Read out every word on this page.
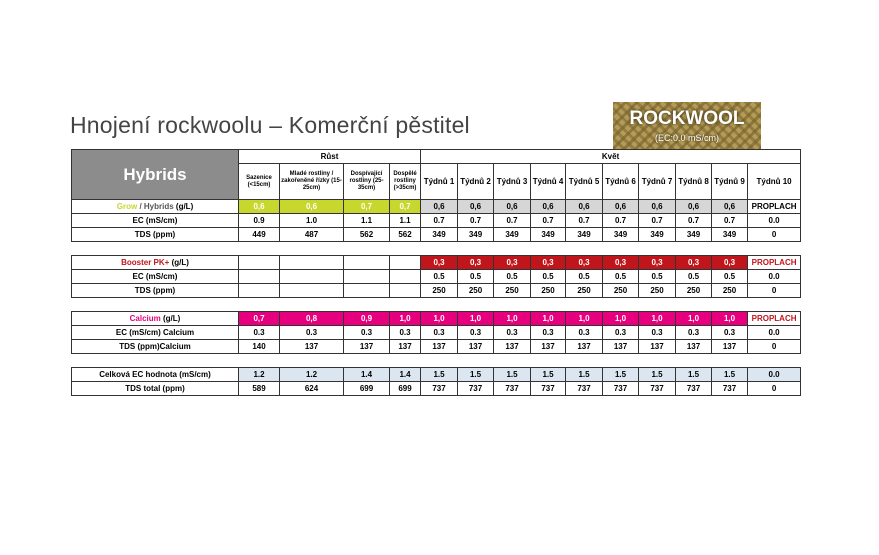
Hnojení rockwoolu – Komerční pěstitel	ROCKWOOL
(EC:0.0 mS/cm)
Hybrids	Růst				Květ									
	Sazenice (<15cm)	Mladé rostliny / zakořeněné řízky (15-25cm)	Dospívající rostliny (25-35cm)	Dospělé rostliny (>35cm)	Týdnů 1	Týdnů 2	Týdnů 3	Týdnů 4	Týdnů 5	Týdnů 6	Týdnů 7	Týdnů 8	Týdnů 9	Týdnů 10
Grow / Hybrids (g/L)	0,6	0,6	0,7	0,7	0,6	0,6	0,6	0,6	0,6	0,6	0,6	0,6	0,6	PROPLACH
EC (mS/cm)	0.9	1.0	1.1	1.1	0.7	0.7	0.7	0.7	0.7	0.7	0.7	0.7	0.7	0.0
TDS (ppm)	449	487	562	562	349	349	349	349	349	349	349	349	349	0

Booster PK+ (g/L)					0,3	0,3	0,3	0,3	0,3	0,3	0,3	0,3	0,3	PROPLACH
EC (mS/cm)					0.5	0.5	0.5	0.5	0.5	0.5	0.5	0.5	0.5	0.0
TDS (ppm)					250	250	250	250	250	250	250	250	250	0

Calcium (g/L)	0,7	0,8	0,9	1,0	1,0	1,0	1,0	1,0	1,0	1,0	1,0	1,0	1,0	PROPLACH
EC (mS/cm) Calcium	0.3	0.3	0.3	0.3	0.3	0.3	0.3	0.3	0.3	0.3	0.3	0.3	0.3	0.0
TDS (ppm)Calcium	140	137	137	137	137	137	137	137	137	137	137	137	137	0

Celková EC hodnota (mS/cm)	1.2	1.2	1.4	1.4	1.5	1.5	1.5	1.5	1.5	1.5	1.5	1.5	1.5	0.0
TDS total (ppm)	589	624	699	699	737	737	737	737	737	737	737	737	737	0
